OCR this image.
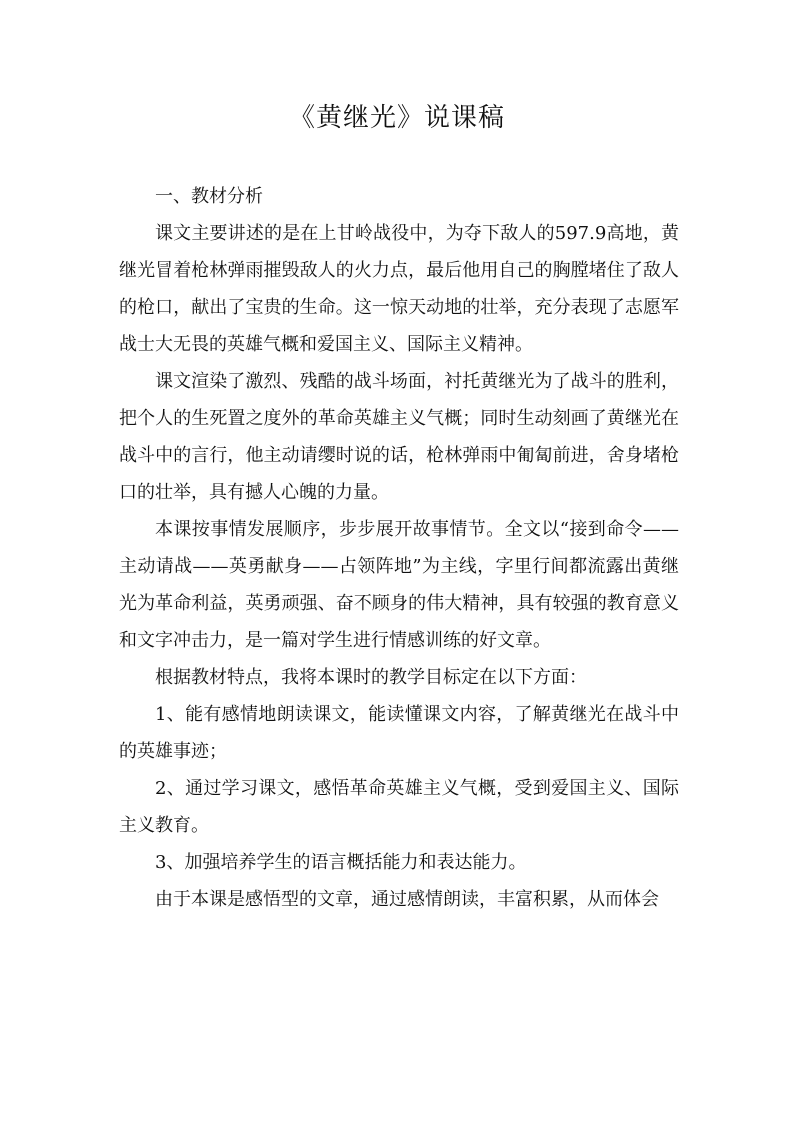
《黄继光》说课稿

一、教材分析

课文主要讲述的是在上甘岭战役中，为夺下敌人的597.9高地，黄继光冒着枪林弹雨摧毁敌人的火力点，最后他用自己的胸膛堵住了敌人的枪口，献出了宝贵的生命。这一惊天动地的壮举，充分表现了志愿军战士大无畏的英雄气概和爱国主义、国际主义精神。

课文渲染了激烈、残酷的战斗场面，衬托黄继光为了战斗的胜利，把个人的生死置之度外的革命英雄主义气概；同时生动刻画了黄继光在战斗中的言行，他主动请缨时说的话，枪林弹雨中匍匐前进，舍身堵枪口的壮举，具有撼人心魄的力量。

本课按事情发展顺序，步步展开故事情节。全文以“接到命令——主动请战——英勇献身——占领阵地”为主线，字里行间都流露出黄继光为革命利益，英勇顽强、奋不顾身的伟大精神，具有较强的教育意义和文字冲击力，是一篇对学生进行情感训练的好文章。

根据教材特点，我将本课时的教学目标定在以下方面：

1、能有感情地朗读课文，能读懂课文内容，了解黄继光在战斗中的英雄事迹；

2、通过学习课文，感悟革命英雄主义气概，受到爱国主义、国际主义教育。

3、加强培养学生的语言概括能力和表达能力。

由于本课是感悟型的文章，通过感情朗读，丰富积累，从而体会
